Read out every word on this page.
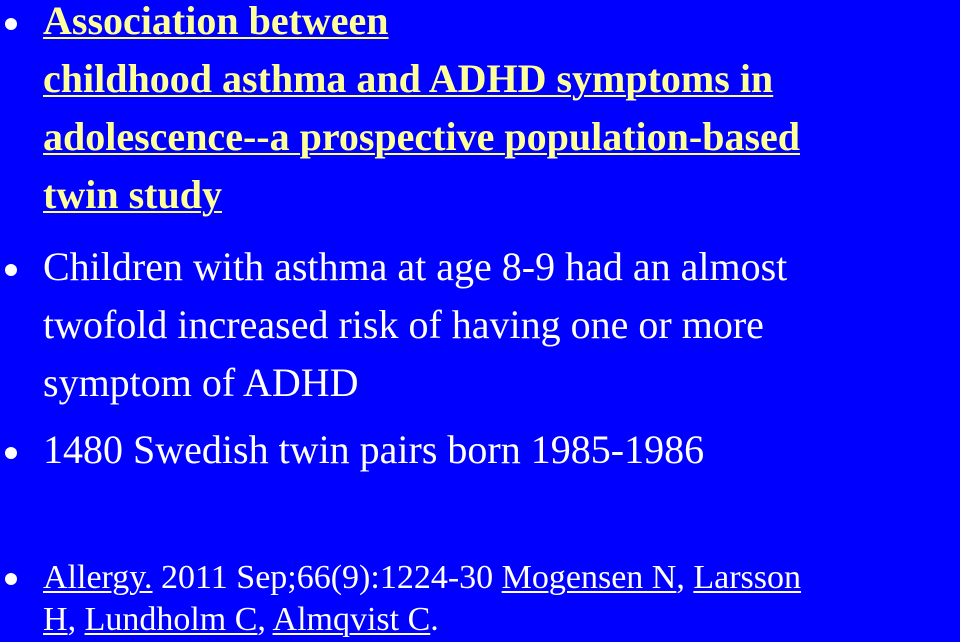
Association between
childhood asthma and ADHD symptoms in
adolescence--a prospective population-based
twin study
Children with asthma at age 8-9 had an almost
twofold increased risk of having one or more
symptom of ADHD
1480 Swedish twin pairs born 1985-1986
Allergy. 2011 Sep;66(9):1224-30 Mogensen N, Larsson
H, Lundholm C, Almqvist C.
